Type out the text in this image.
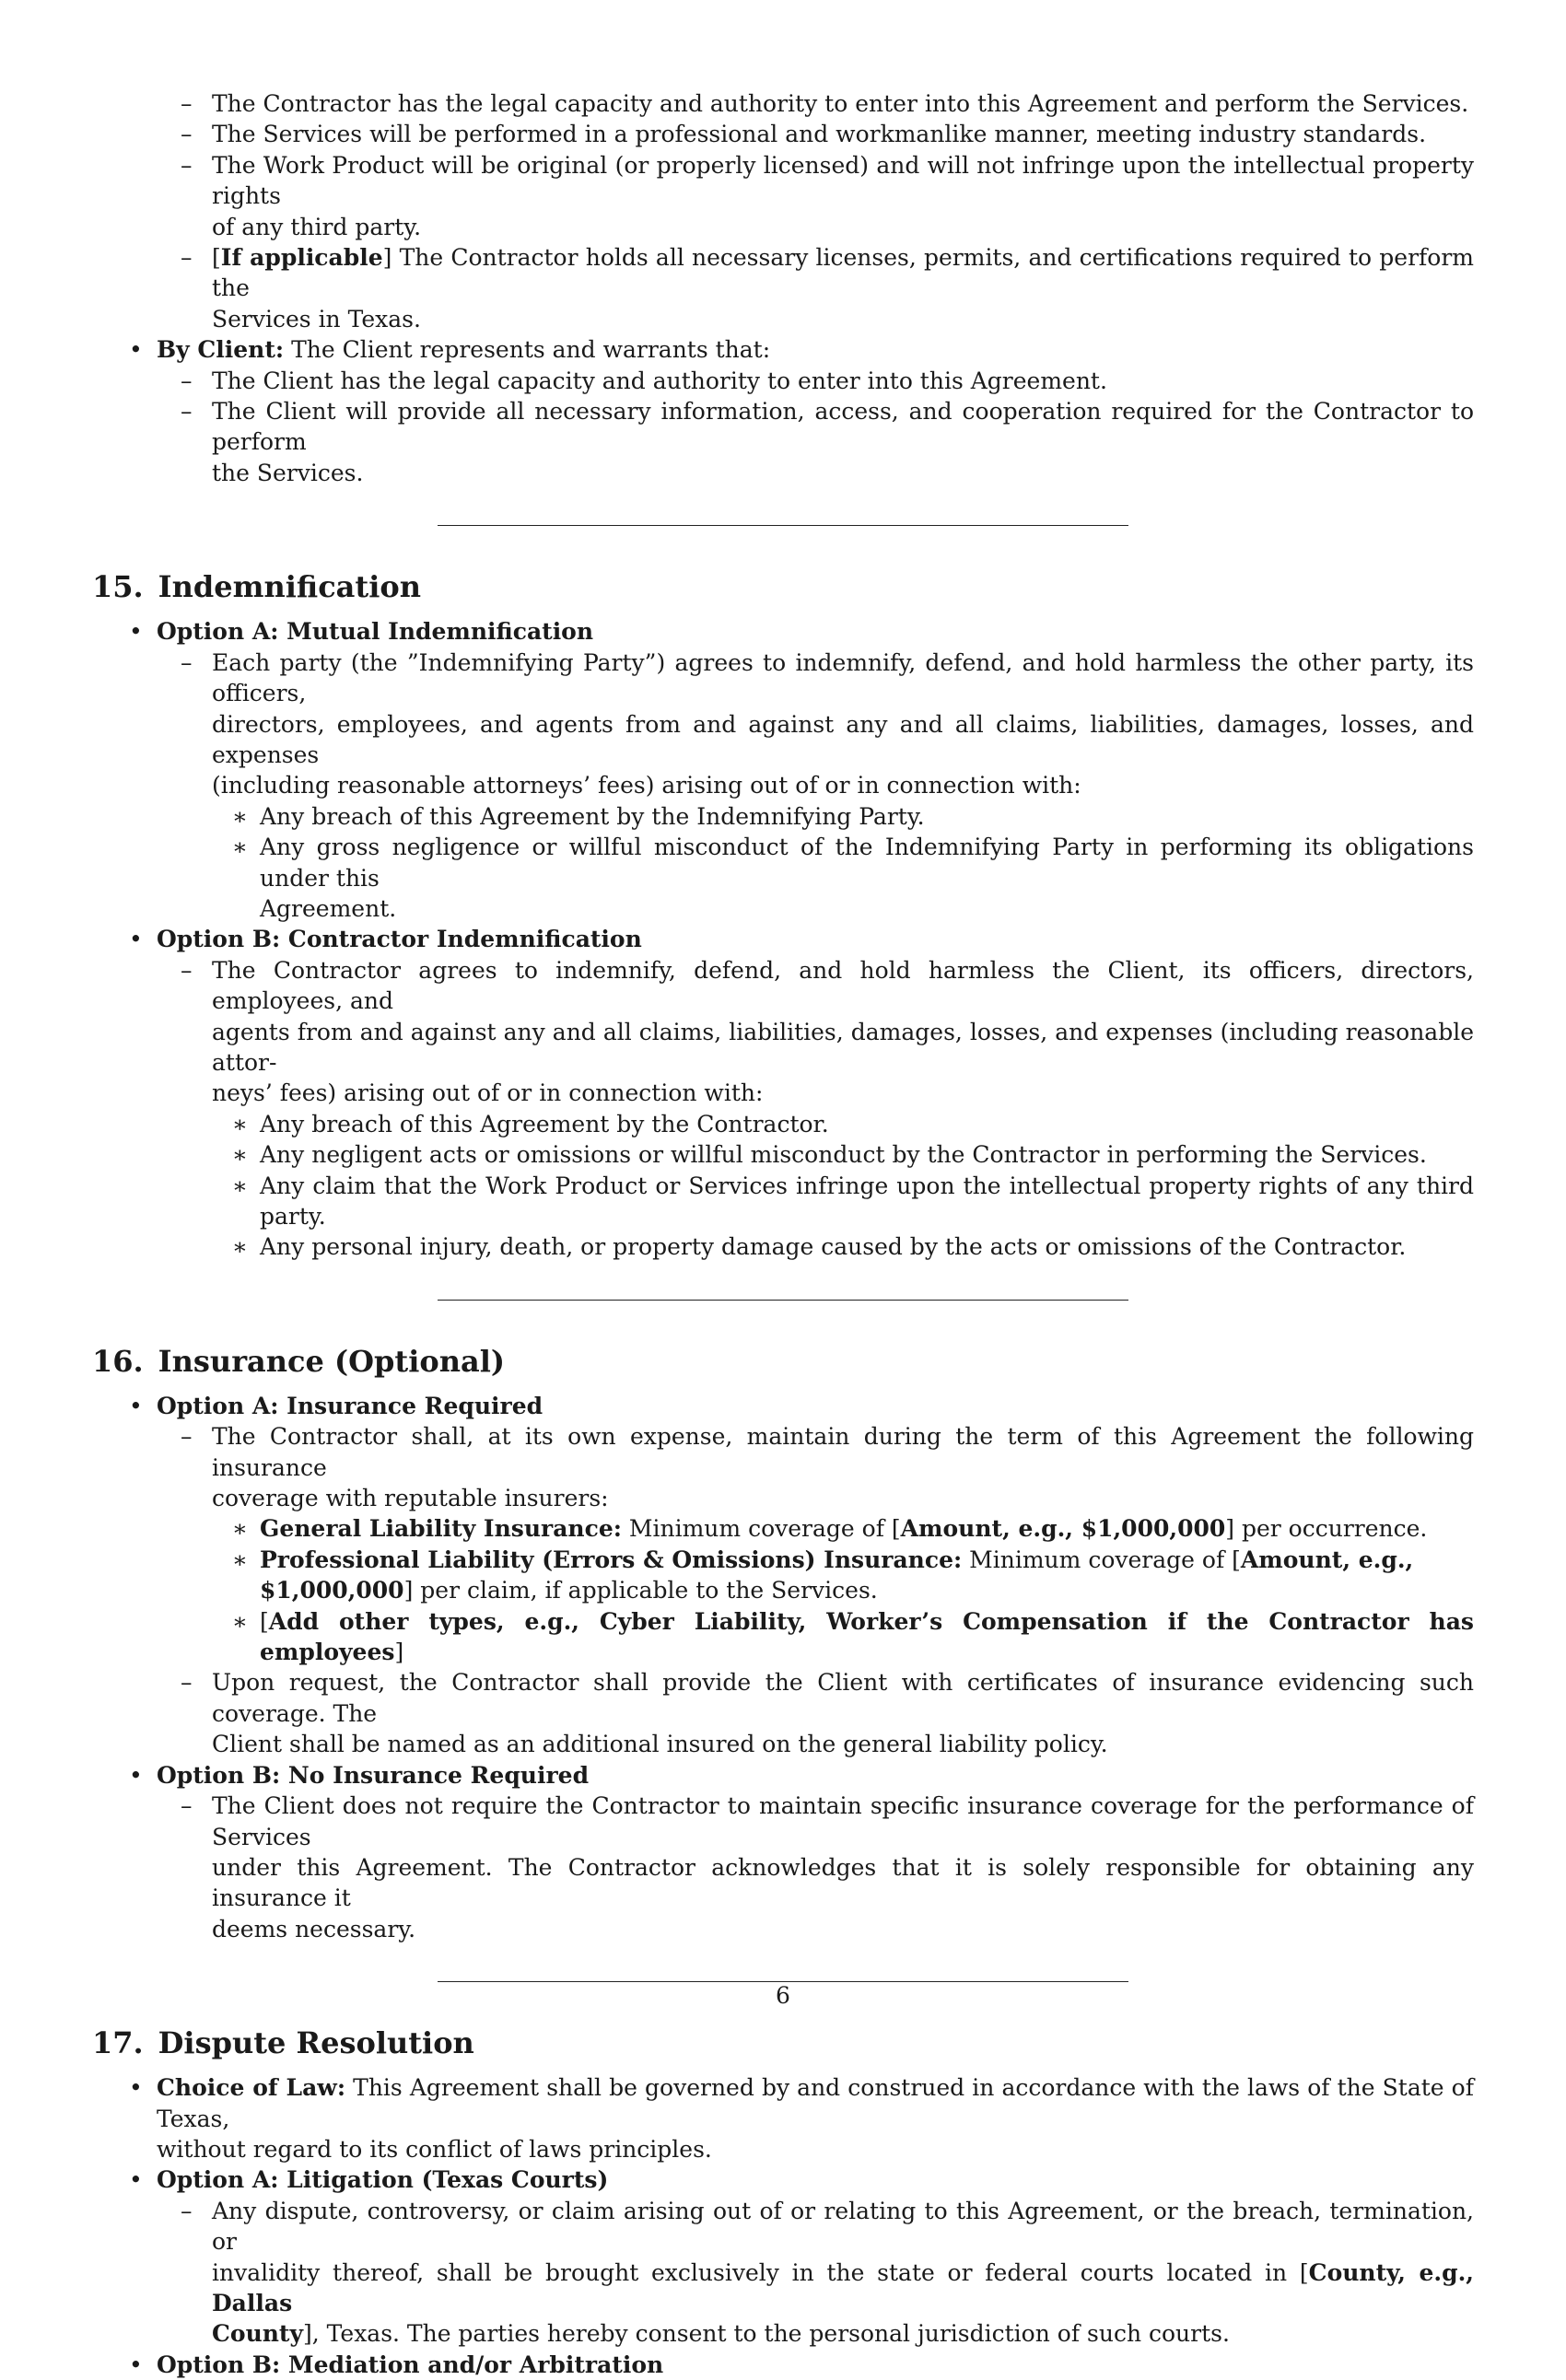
– The Contractor has the legal capacity and authority to enter into this Agreement and perform the Services.
– The Services will be performed in a professional and workmanlike manner, meeting industry standards.
– The Work Product will be original (or properly licensed) and will not infringe upon the intellectual property rights
of any third party.
– [If applicable] The Contractor holds all necessary licenses, permits, and certifications required to perform the
Services in Texas.
• By Client: The Client represents and warrants that:
– The Client has the legal capacity and authority to enter into this Agreement.
– The Client will provide all necessary information, access, and cooperation required for the Contractor to perform
the Services.
15. Indemnification
• Option A: Mutual Indemnification
– Each party (the ”Indemnifying Party”) agrees to indemnify, defend, and hold harmless the other party, its officers,
directors, employees, and agents from and against any and all claims, liabilities, damages, losses, and expenses
(including reasonable attorneys’ fees) arising out of or in connection with:
∗ Any breach of this Agreement by the Indemnifying Party.
∗ Any gross negligence or willful misconduct of the Indemnifying Party in performing its obligations under this
Agreement.
• Option B: Contractor Indemnification
– The Contractor agrees to indemnify, defend, and hold harmless the Client, its officers, directors, employees, and
agents from and against any and all claims, liabilities, damages, losses, and expenses (including reasonable attor-
neys’ fees) arising out of or in connection with:
∗ Any breach of this Agreement by the Contractor.
∗ Any negligent acts or omissions or willful misconduct by the Contractor in performing the Services.
∗ Any claim that the Work Product or Services infringe upon the intellectual property rights of any third party.
∗ Any personal injury, death, or property damage caused by the acts or omissions of the Contractor.
16. Insurance (Optional)
• Option A: Insurance Required
– The Contractor shall, at its own expense, maintain during the term of this Agreement the following insurance
coverage with reputable insurers:
∗ General Liability Insurance: Minimum coverage of [Amount, e.g., $1,000,000] per occurrence.
∗ Professional Liability (Errors & Omissions) Insurance: Minimum coverage of [Amount, e.g.,
$1,000,000] per claim, if applicable to the Services.
∗ [Add other types, e.g., Cyber Liability, Worker’s Compensation if the Contractor has employees]
– Upon request, the Contractor shall provide the Client with certificates of insurance evidencing such coverage. The
Client shall be named as an additional insured on the general liability policy.
• Option B: No Insurance Required
– The Client does not require the Contractor to maintain specific insurance coverage for the performance of Services
under this Agreement. The Contractor acknowledges that it is solely responsible for obtaining any insurance it
deems necessary.
17. Dispute Resolution
• Choice of Law: This Agreement shall be governed by and construed in accordance with the laws of the State of Texas,
without regard to its conflict of laws principles.
• Option A: Litigation (Texas Courts)
– Any dispute, controversy, or claim arising out of or relating to this Agreement, or the breach, termination, or
invalidity thereof, shall be brought exclusively in the state or federal courts located in [County, e.g., Dallas
County], Texas. The parties hereby consent to the personal jurisdiction of such courts.
• Option B: Mediation and/or Arbitration
6
